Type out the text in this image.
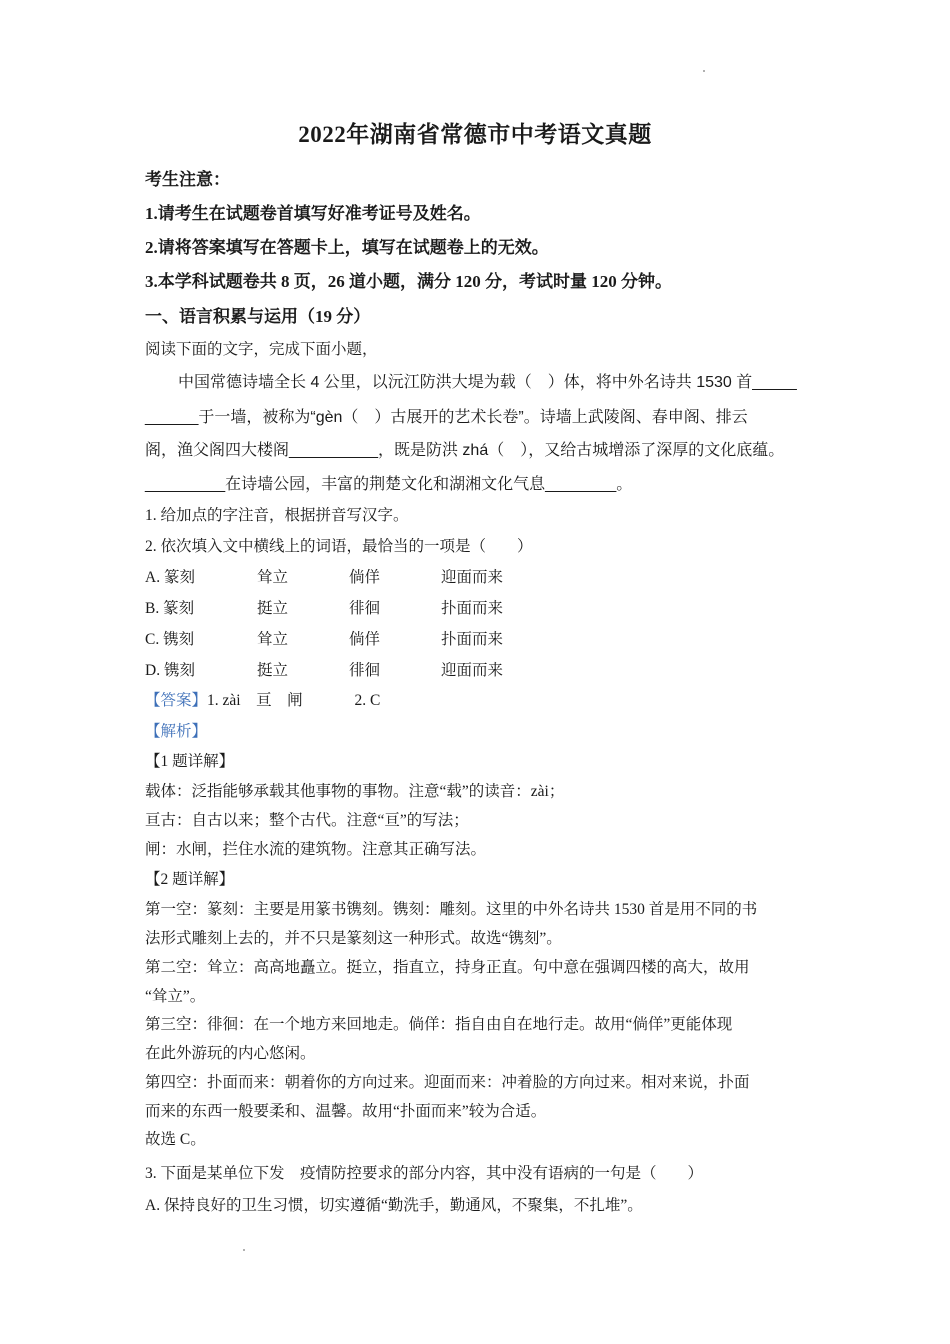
2022年湖南省常德市中考语文真题
考生注意：
1.请考生在试题卷首填写好准考证号及姓名。
2.请将答案填写在答题卡上，填写在试题卷上的无效。
3.本学科试题卷共 8 页，26 道小题，满分 120 分，考试时量 120 分钟。
一、语言积累与运用（19 分）
阅读下面的文字，完成下面小题，
中国常德诗墙全长 4 公里，以沅江防洪大堤为载（　）体，将中外名诗共 1530 首_____
______于一墙，被称为“gèn（　）古展开的艺术长卷”。诗墙上武陵阁、春申阁、排云
阁，渔父阁四大楼阁__________，既是防洪 zhá（　），又给古城增添了深厚的文化底蕴。
_________在诗墙公园，丰富的荆楚文化和湖湘文化气息________。
1. 给加点的字注音，根据拼音写汉字。
2. 依次填入文中横线上的词语，最恰当的一项是（　　）
A. 篆刻	耸立	倘佯	迎面而来
B. 篆刻	挺立	徘徊	扑面而来
C. 镌刻	耸立	倘佯	扑面而来
D. 镌刻	挺立	徘徊	迎面而来
【答案】1. zài　亘　闸	2. C
【解析】
【1 题详解】
载体：泛指能够承载其他事物的事物。注意“载”的读音：zài；
亘古：自古以来；整个古代。注意“亘”的写法；
闸：水闸，拦住水流的建筑物。注意其正确写法。
【2 题详解】
第一空：篆刻：主要是用篆书镌刻。镌刻：雕刻。这里的中外名诗共 1530 首是用不同的书
法形式雕刻上去的，并不只是篆刻这一种形式。故选“镌刻”。
第二空：耸立：高高地矗立。挺立，指直立，持身正直。句中意在强调四楼的高大，故用
“耸立”。
第三空：徘徊：在一个地方来回地走。倘佯：指自由自在地行走。故用“倘佯”更能体现
在此外游玩的内心悠闲。
第四空：扑面而来：朝着你的方向过来。迎面而来：冲着脸的方向过来。相对来说，扑面
而来的东西一般要柔和、温馨。故用“扑面而来”较为合适。
故选 C。
3. 下面是某单位下发　疫情防控要求的部分内容，其中没有语病的一句是（　　）
A. 保持良好的卫生习惯，切实遵循“勤洗手，勤通风，不聚集，不扎堆”。
